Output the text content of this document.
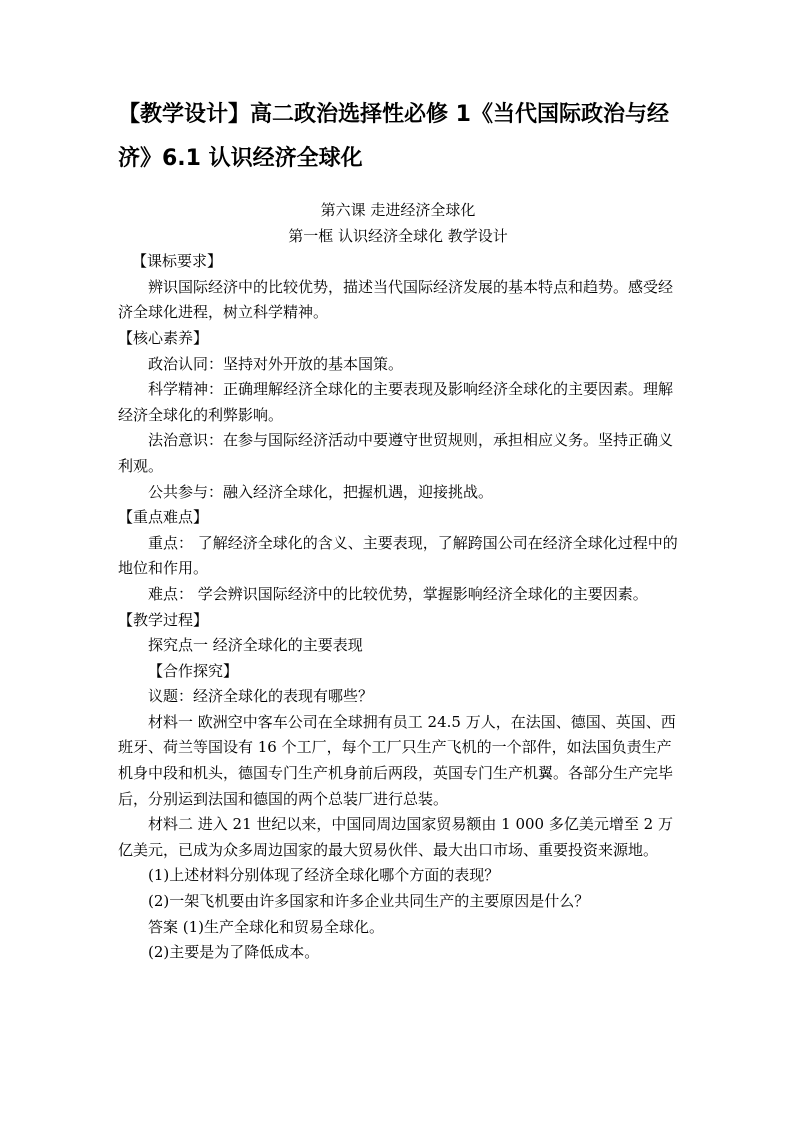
【教学设计】高二政治选择性必修 1《当代国际政治与经济》6.1 认识经济全球化

第六课 走进经济全球化

第一框 认识经济全球化 教学设计

【课标要求】

辨识国际经济中的比较优势，描述当代国际经济发展的基本特点和趋势。感受经济全球化进程，树立科学精神。

【核心素养】

政治认同：坚持对外开放的基本国策。

科学精神：正确理解经济全球化的主要表现及影响经济全球化的主要因素。理解经济全球化的利弊影响。

法治意识：在参与国际经济活动中要遵守世贸规则，承担相应义务。坚持正确义利观。

公共参与：融入经济全球化，把握机遇，迎接挑战。

【重点难点】

重点： 了解经济全球化的含义、主要表现，了解跨国公司在经济全球化过程中的地位和作用。

难点： 学会辨识国际经济中的比较优势，掌握影响经济全球化的主要因素。

【教学过程】

探究点一 经济全球化的主要表现

【合作探究】

议题：经济全球化的表现有哪些？

材料一 欧洲空中客车公司在全球拥有员工 24.5 万人，在法国、德国、英国、西班牙、荷兰等国设有 16 个工厂，每个工厂只生产飞机的一个部件，如法国负责生产机身中段和机头，德国专门生产机身前后两段，英国专门生产机翼。各部分生产完毕后，分别运到法国和德国的两个总装厂进行总装。

材料二 进入 21 世纪以来，中国同周边国家贸易额由 1 000 多亿美元增至 2 万亿美元，已成为众多周边国家的最大贸易伙伴、最大出口市场、重要投资来源地。

(1)上述材料分别体现了经济全球化哪个方面的表现？

(2)一架飞机要由许多国家和许多企业共同生产的主要原因是什么？

答案 (1)生产全球化和贸易全球化。

(2)主要是为了降低成本。
